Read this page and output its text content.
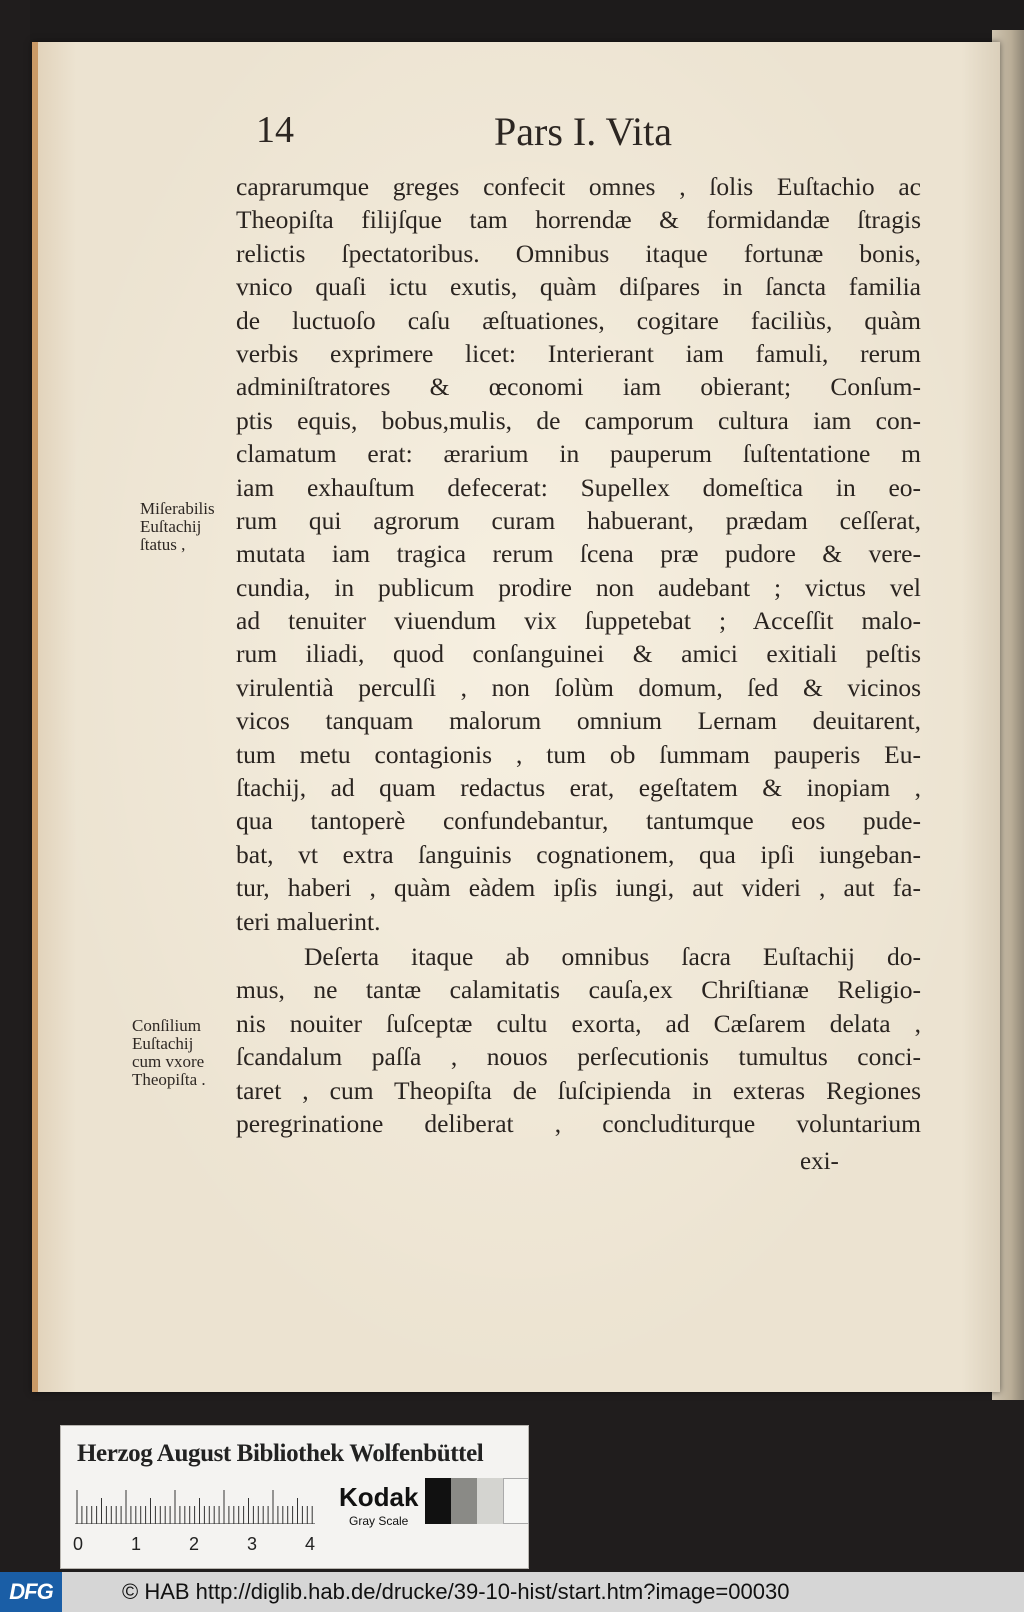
14	Pars I. Vita
Miſerabilis
Euſtachij
ſtatus ,
Conſilium
Euſtachij
cum vxore
Theopiſta .
caprarumque greges confecit omnes , ſolis Euſtachio ac
Theopiſta filijſque tam horrendæ & formidandæ ſtragis
relictis ſpectatoribus. Omnibus itaque fortunæ bonis,
vnico quaſi ictu exutis, quàm diſpares in ſancta familia
de luctuoſo caſu æſtuationes, cogitare faciliùs, quàm
verbis exprimere licet: Interierant iam famuli, rerum
adminiſtratores & œconomi iam obierant; Conſum-
ptis equis, bobus,mulis, de camporum cultura iam con-
clamatum erat: ærarium in pauperum ſuſtentatione m
iam exhauſtum defecerat: Supellex domeſtica in eo-
rum qui agrorum curam habuerant, prædam ceſſerat,
mutata iam tragica rerum ſcena præ pudore & vere-
cundia, in publicum prodire non audebant ; victus vel
ad tenuiter viuendum vix ſuppetebat ; Acceſſit malo-
rum iliadi, quod conſanguinei & amici exitiali peſtis
virulentià perculſi , non ſolùm domum, ſed & vicinos
vicos tanquam malorum omnium Lernam deuitarent,
tum metu contagionis , tum ob ſummam pauperis Eu-
ſtachij, ad quam redactus erat, egeſtatem & inopiam ,
qua tantoperè confundebantur, tantumque eos pude-
bat, vt extra ſanguinis cognationem, qua ipſi iungeban-
tur, haberi , quàm eàdem ipſis iungi, aut videri , aut fa-
teri maluerint.
Deſerta itaque ab omnibus ſacra Euſtachij do-
mus, ne tantæ calamitatis cauſa,ex Chriſtianæ Religio-
nis nouiter ſuſceptæ cultu exorta, ad Cæſarem delata ,
ſcandalum paſſa , nouos perſecutionis tumultus conci-
taret , cum Theopiſta de ſuſcipienda in exteras Regiones
peregrinatione deliberat , concluditurque voluntarium
exi-
Herzog August Bibliothek Wolfenbüttel
0	1	2	3	4
Kodak
Gray Scale
DFG	© HAB http://diglib.hab.de/drucke/39-10-hist/start.htm?image=00030
